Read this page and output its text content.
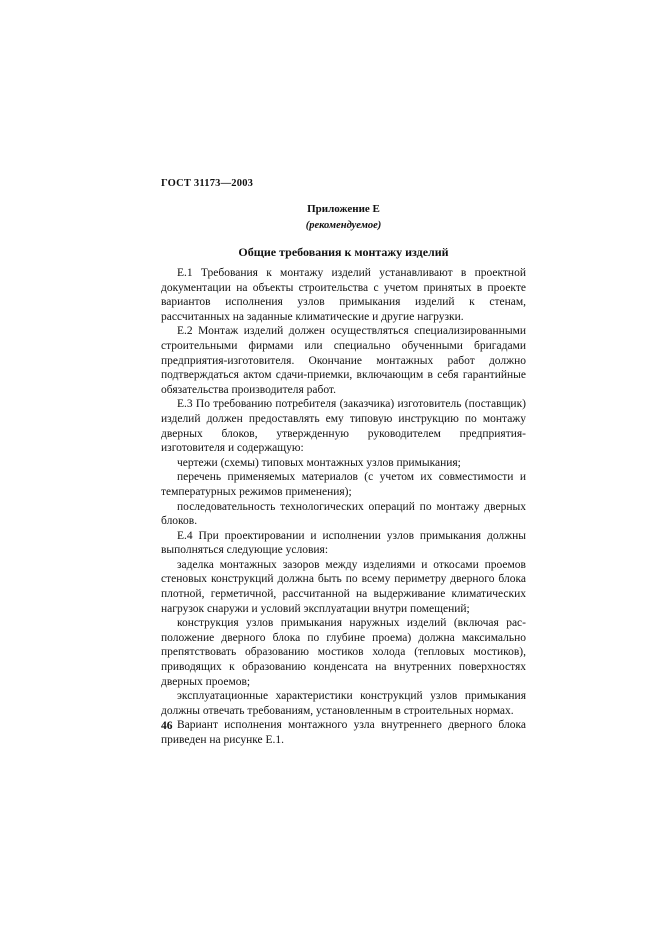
ГОСТ 31173—2003
Приложение Е
(рекомендуемое)
Общие требования к монтажу изделий

Е.1 Требования к монтажу изделий устанавливают в проектной документации на объекты строительства с учетом принятых в проекте вариантов исполнения узлов примыкания изделий к стенам, рассчитанных на заданные климатические и другие нагрузки.

Е.2 Монтаж изделий должен осуществляться специализированными строительными фирмами или специально обученными бригадами предприятия-изготовителя. Окончание монтажных работ должно подтверждаться актом сдачи-приемки, включающим в себя гарантийные обязательства производителя работ.

Е.3 По требованию потребителя (заказчика) изготовитель (поставщик) изделий должен предоставлять ему типовую инструкцию по монтажу дверных блоков, утвержденную руководителем предприятия-изготовителя и содержащую:

чертежи (схемы) типовых монтажных узлов примыкания;

перечень применяемых материалов (с учетом их совместимости и температурных режимов применения);

последовательность технологических операций по монтажу дверных блоков.

Е.4 При проектировании и исполнении узлов примыкания должны выполняться следующие условия:

заделка монтажных зазоров между изделиями и откосами проемов стеновых конструкций должна быть по всему периметру дверного блока плотной, герметичной, рассчитанной на выдерживание климатических нагрузок снаружи и условий эксплуатации внутри помещений;

конструкция узлов примыкания наружных изделий (включая расположение дверного блока по глубине проема) должна максимально препятствовать образованию мостиков холода (тепловых мостиков), приводящих к образованию конденсата на внутренних поверхностях дверных проемов;

эксплуатационные характеристики конструкций узлов примыкания должны отвечать требованиям, установленным в строительных нормах.

Вариант исполнения монтажного узла внутреннего дверного блока приведен на рисунке Е.1.

46
